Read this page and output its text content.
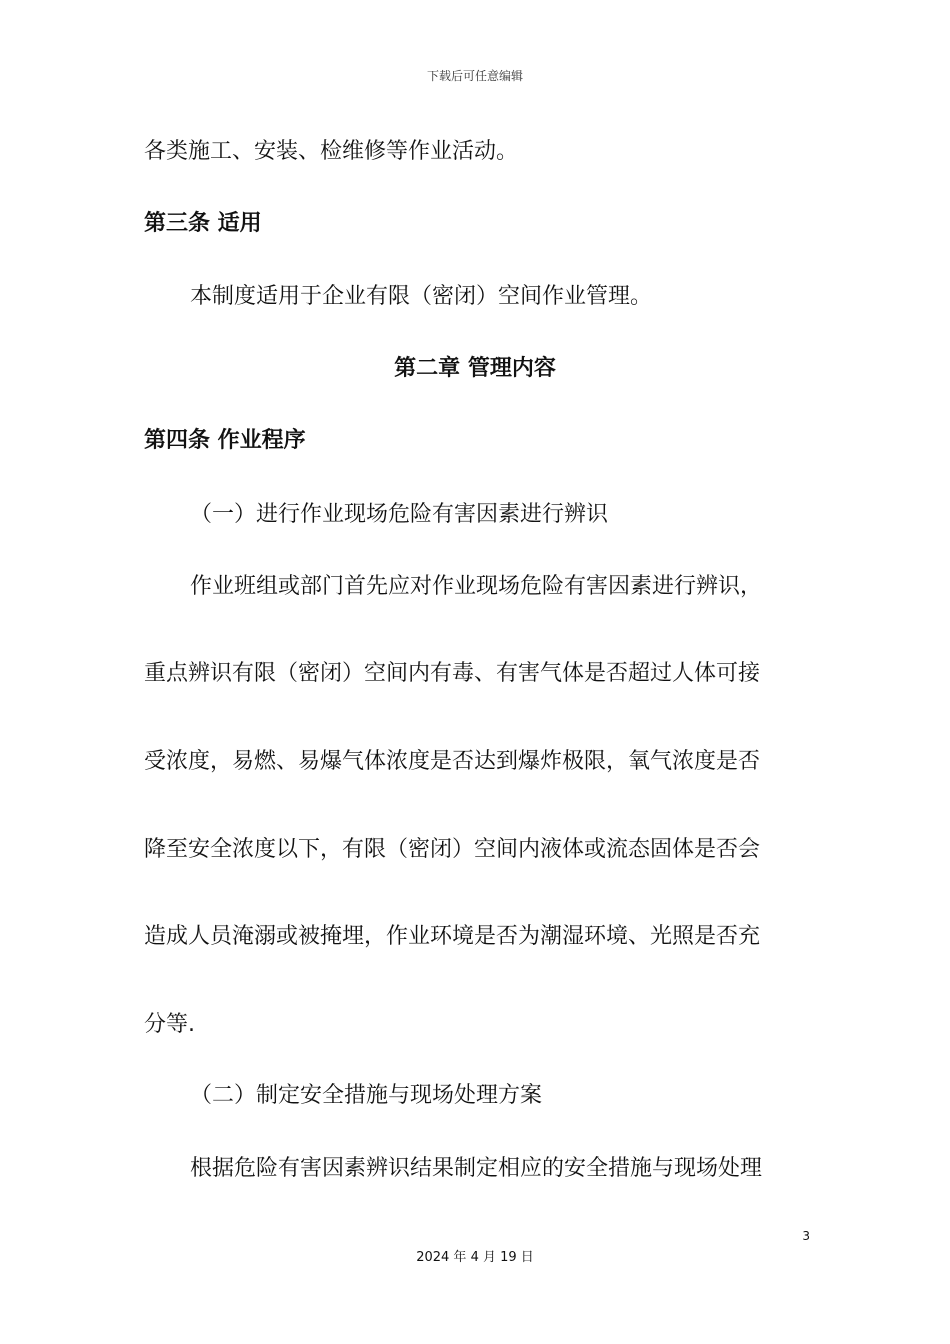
下载后可任意编辑
各类施工、安装、检维修等作业活动。
第三条 适用
本制度适用于企业有限（密闭）空间作业管理。
第二章 管理内容
第四条 作业程序
（一）进行作业现场危险有害因素进行辨识
作业班组或部门首先应对作业现场危险有害因素进行辨识，
重点辨识有限（密闭）空间内有毒、有害气体是否超过人体可接
受浓度，易燃、易爆气体浓度是否达到爆炸极限，氧气浓度是否
降至安全浓度以下，有限（密闭）空间内液体或流态固体是否会
造成人员淹溺或被掩埋，作业环境是否为潮湿环境、光照是否充
分等.
（二）制定安全措施与现场处理方案
根据危险有害因素辨识结果制定相应的安全措施与现场处理
3
2024 年 4 月 19 日
